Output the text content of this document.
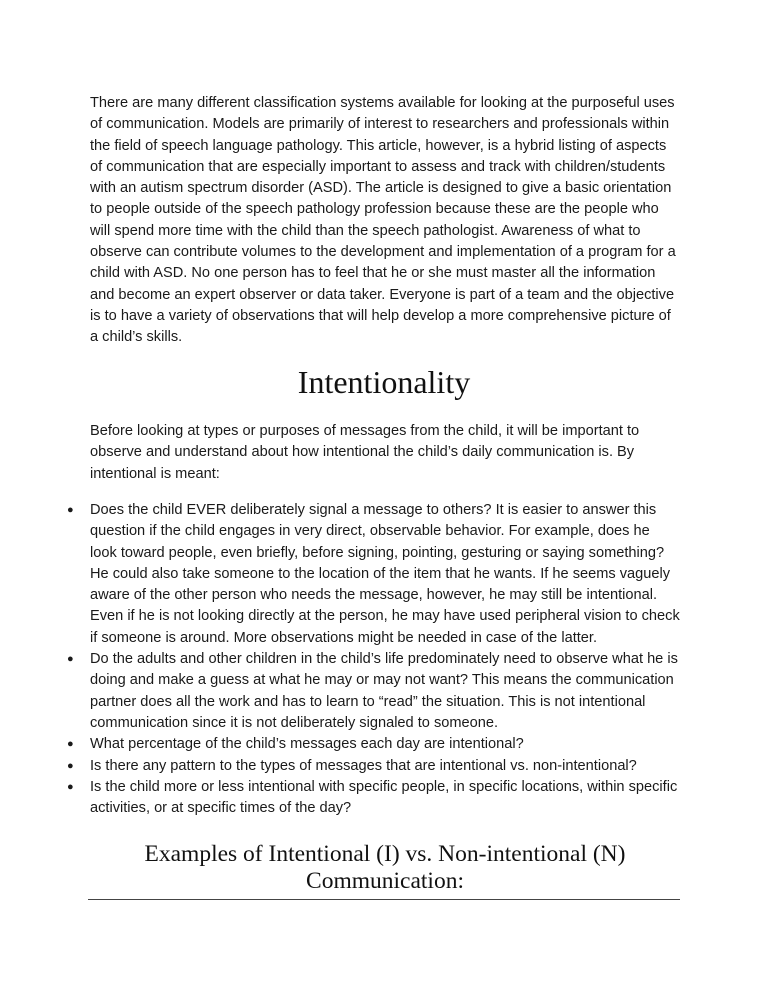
There are many different classification systems available for looking at the purposeful uses of communication. Models are primarily of interest to researchers and professionals within the field of speech language pathology. This article, however, is a hybrid listing of aspects of communication that are especially important to assess and track with children/students with an autism spectrum disorder (ASD). The article is designed to give a basic orientation to people outside of the speech pathology profession because these are the people who will spend more time with the child than the speech pathologist. Awareness of what to observe can contribute volumes to the development and implementation of a program for a child with ASD. No one person has to feel that he or she must master all the information and become an expert observer or data taker. Everyone is part of a team and the objective is to have a variety of observations that will help develop a more comprehensive picture of a child’s skills.

Intentionality

Before looking at types or purposes of messages from the child, it will be important to observe and understand about how intentional the child’s daily communication is. By intentional is meant:

● Does the child EVER deliberately signal a message to others? It is easier to answer this question if the child engages in very direct, observable behavior. For example, does he look toward people, even briefly, before signing, pointing, gesturing or saying something? He could also take someone to the location of the item that he wants. If he seems vaguely aware of the other person who needs the message, however, he may still be intentional. Even if he is not looking directly at the person, he may have used peripheral vision to check if someone is around. More observations might be needed in case of the latter.
● Do the adults and other children in the child’s life predominately need to observe what he is doing and make a guess at what he may or may not want? This means the communication partner does all the work and has to learn to “read” the situation. This is not intentional communication since it is not deliberately signaled to someone.
● What percentage of the child’s messages each day are intentional?
● Is there any pattern to the types of messages that are intentional vs. non-intentional?
● Is the child more or less intentional with specific people, in specific locations, within specific activities, or at specific times of the day?
Examples of Intentional (I) vs. Non-intentional (N) Communication:
